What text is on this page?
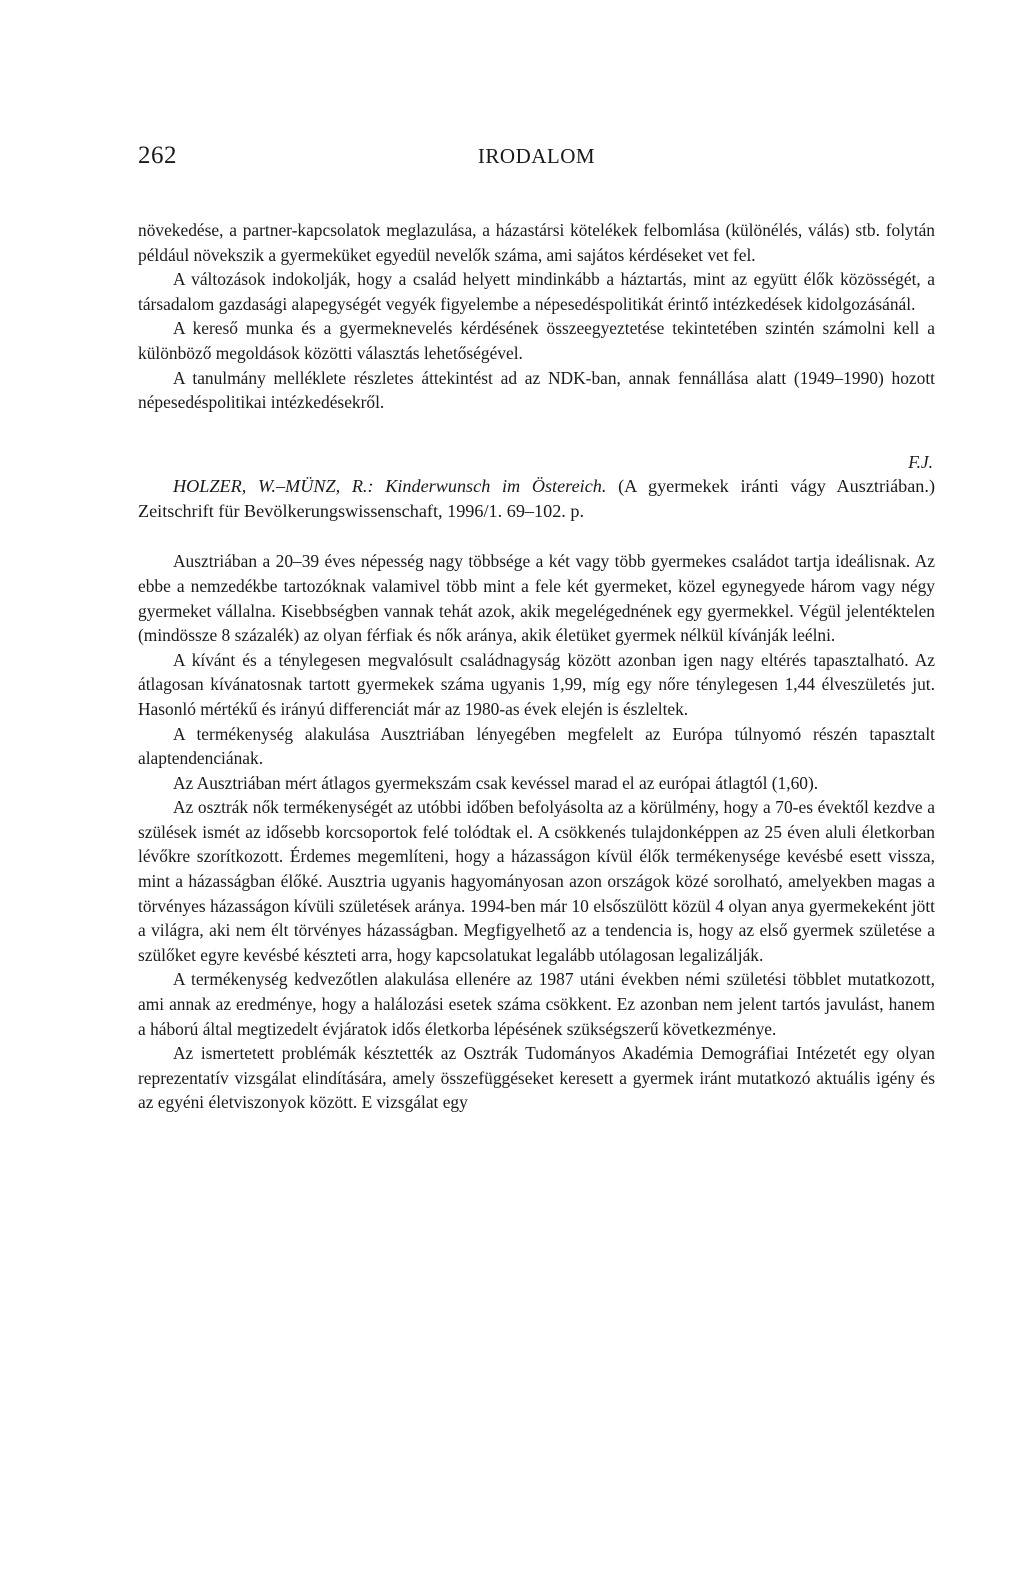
262	IRODALOM

növekedése, a partner-kapcsolatok meglazulása, a házastársi kötelékek felbomlása (különélés, válás) stb. folytán például növekszik a gyermeküket egyedül nevelők száma, ami sajátos kérdéseket vet fel.

A változások indokolják, hogy a család helyett mindinkább a háztartás, mint az együtt élők közösségét, a társadalom gazdasági alapegységét vegyék figyelembe a népesedéspolitikát érintő intézkedések kidolgozásánál.

A kereső munka és a gyermeknevelés kérdésének összeegyeztetése tekintetében szintén számolni kell a különböző megoldások közötti választás lehetőségével.

A tanulmány melléklete részletes áttekintést ad az NDK-ban, annak fennállása alatt (1949–1990) hozott népesedéspolitikai intézkedésekről.

F.J.

HOLZER, W.–MÜNZ, R.: Kinderwunsch im Östereich. (A gyermekek iránti vágy Ausztriában.) Zeitschrift für Bevölkerungswissenschaft, 1996/1. 69–102. p.

Ausztriában a 20–39 éves népesség nagy többsége a két vagy több gyermekes családot tartja ideálisnak. Az ebbe a nemzedékbe tartozóknak valamivel több mint a fele két gyermeket, közel egynegyede három vagy négy gyermeket vállalna. Kisebbségben vannak tehát azok, akik megelégednének egy gyermekkel. Végül jelentéktelen (mindössze 8 százalék) az olyan férfiak és nők aránya, akik életüket gyermek nélkül kívánják leélni.

A kívánt és a ténylegesen megvalósult családnagyság között azonban igen nagy eltérés tapasztalható. Az átlagosan kívánatosnak tartott gyermekek száma ugyanis 1,99, míg egy nőre ténylegesen 1,44 élveszületés jut. Hasonló mértékű és irányú differenciát már az 1980-as évek elején is észleltek.

A termékenység alakulása Ausztriában lényegében megfelelt az Európa túlnyomó részén tapasztalt alaptendenciának.

Az Ausztriában mért átlagos gyermekszám csak kevéssel marad el az európai átlagtól (1,60).

Az osztrák nők termékenységét az utóbbi időben befolyásolta az a körülmény, hogy a 70-es évektől kezdve a szülések ismét az idősebb korcsoportok felé tolódtak el. A csökkenés tulajdonképpen az 25 éven aluli életkorban lévőkre szorítkozott. Érdemes megemlíteni, hogy a házasságon kívül élők termékenysége kevésbé esett vissza, mint a házasságban élőké. Ausztria ugyanis hagyományosan azon országok közé sorolható, amelyekben magas a törvényes házasságon kívüli születések aránya. 1994-ben már 10 elsőszülött közül 4 olyan anya gyermekeként jött a világra, aki nem élt törvényes házasságban. Megfigyelhető az a tendencia is, hogy az első gyermek születése a szülőket egyre kevésbé készteti arra, hogy kapcsolatukat legalább utólagosan legalizálják.

A termékenység kedvezőtlen alakulása ellenére az 1987 utáni években némi születési többlet mutatkozott, ami annak az eredménye, hogy a halálozási esetek száma csökkent. Ez azonban nem jelent tartós javulást, hanem a háború által megtizedelt évjáratok idős életkorba lépésének szükségszerű következménye.

Az ismertetett problémák késztették az Osztrák Tudományos Akadémia Demográfiai Intézetét egy olyan reprezentatív vizsgálat elindítására, amely összefüggéseket keresett a gyermek iránt mutatkozó aktuális igény és az egyéni életviszonyok között. E vizsgálat egy
